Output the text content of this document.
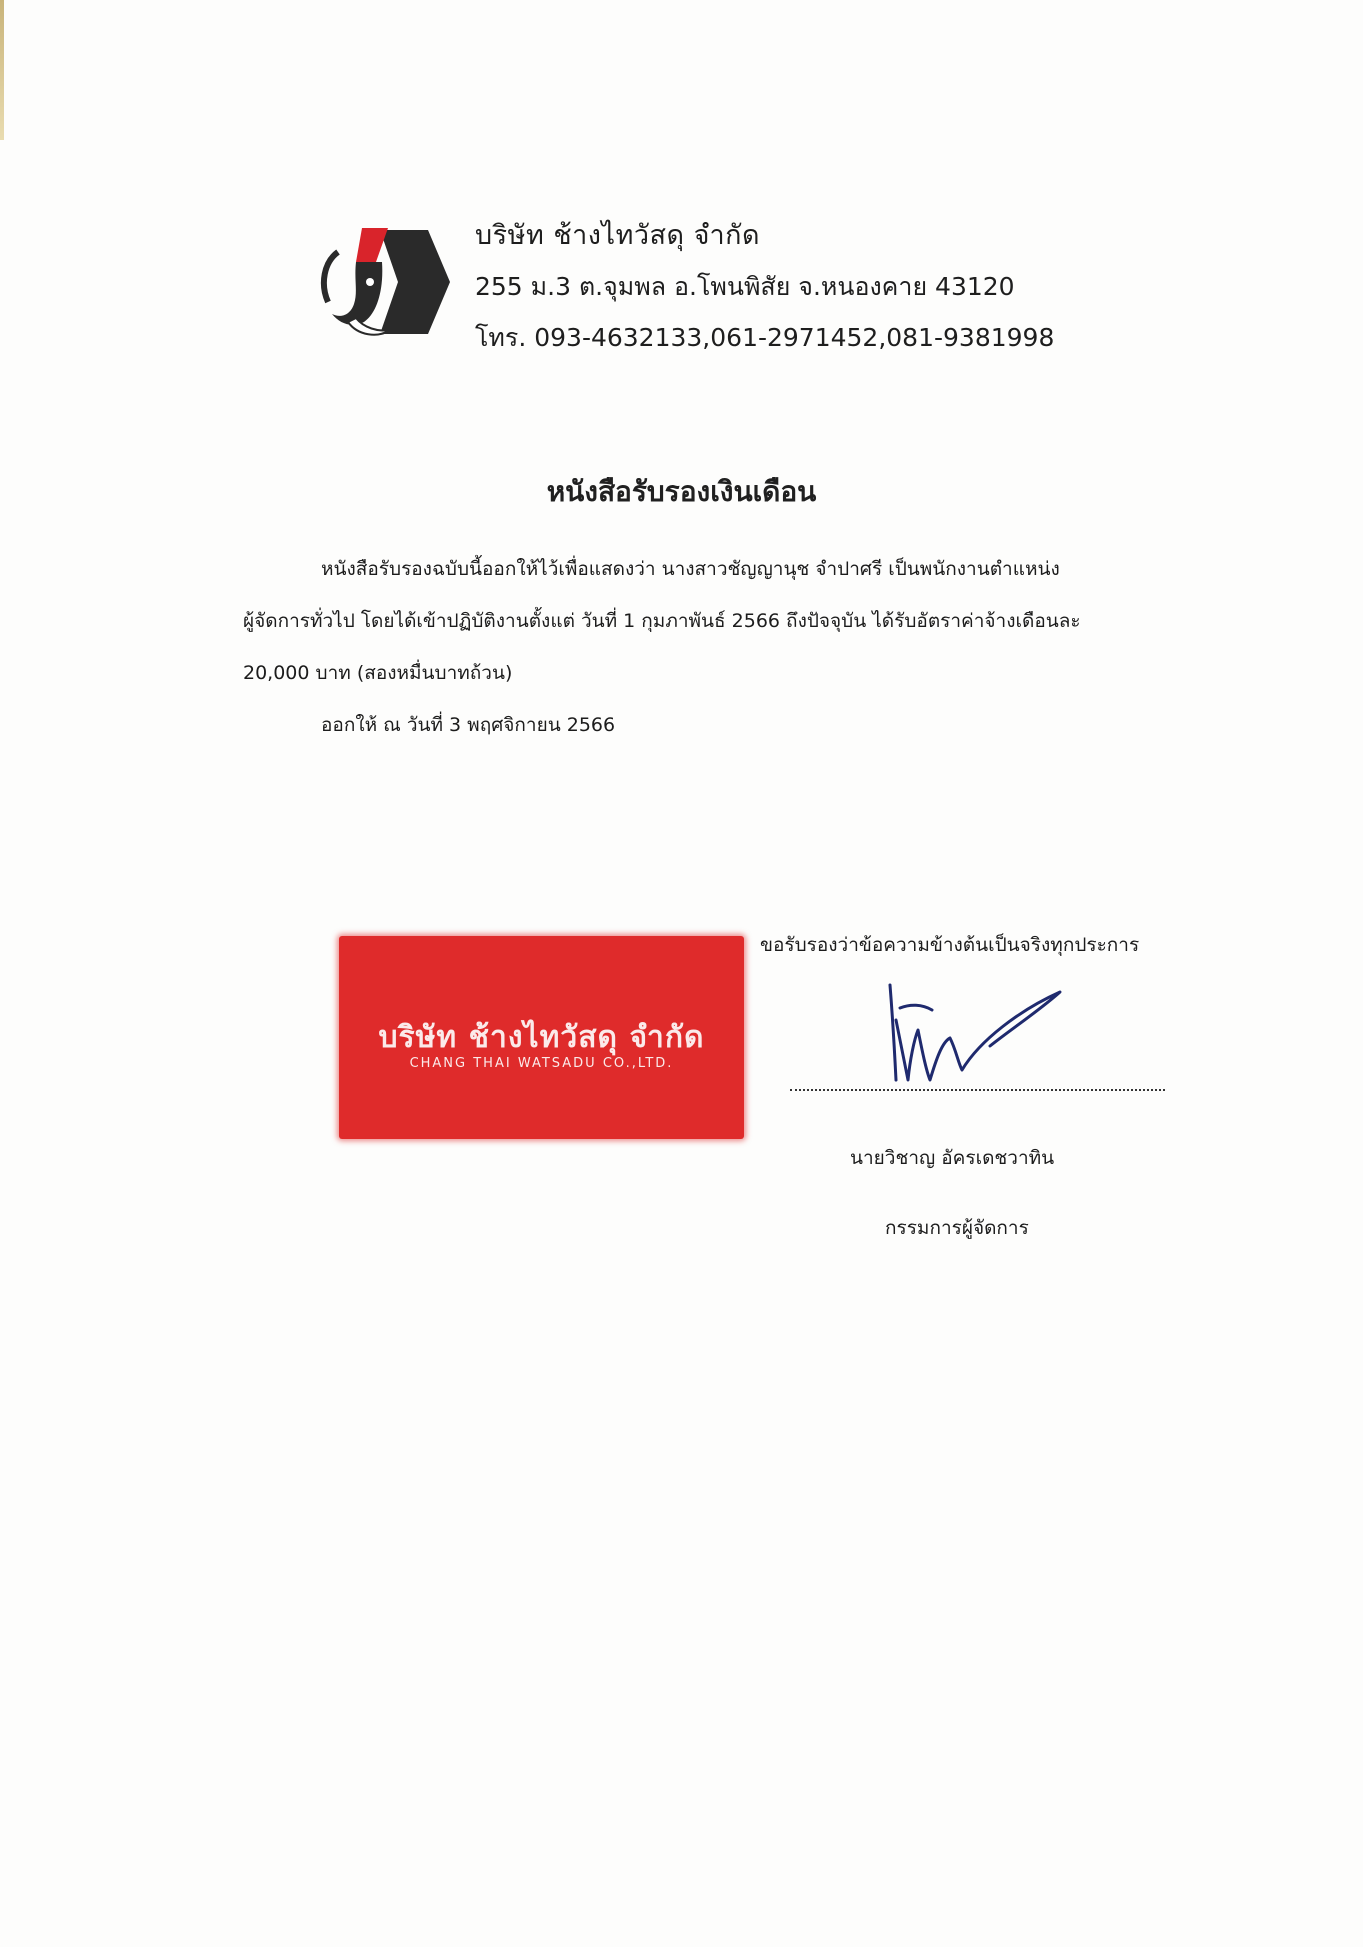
บริษัท ช้างไทวัสดุ จำกัด
255 ม.3 ต.จุมพล อ.โพนพิสัย จ.หนองคาย 43120
โทร. 093-4632133,061-2971452,081-9381998
หนังสือรับรองเงินเดือน

หนังสือรับรองฉบับนี้ออกให้ไว้เพื่อแสดงว่า นางสาวชัญญานุช จำปาศรี เป็นพนักงานตำแหน่ง

ผู้จัดการทั่วไป โดยได้เข้าปฏิบัติงานตั้งแต่ วันที่ 1 กุมภาพันธ์ 2566 ถึงปัจจุบัน ได้รับอัตราค่าจ้างเดือนละ

20,000 บาท (สองหมื่นบาทถ้วน)

ออกให้ ณ วันที่ 3 พฤศจิกายน 2566

บริษัท ช้างไทวัสดุ จำกัด
CHANG THAI WATSADU CO.,LTD.
ขอรับรองว่าข้อความข้างต้นเป็นจริงทุกประการ
นายวิชาญ อัครเดชวาทิน
กรรมการผู้จัดการ
